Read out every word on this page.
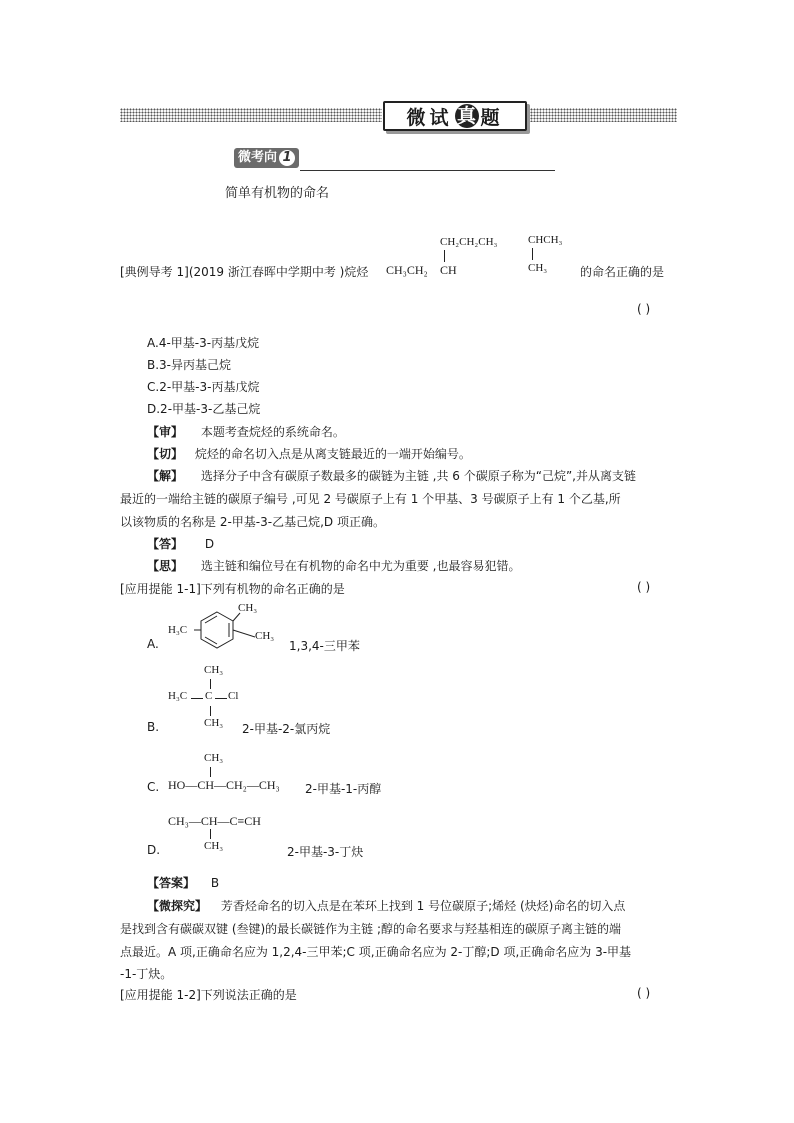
微试 真 题
微考向 1
简单有机物的命名
CH₂CH₂CH₃	CHCH₃
[典例导考 1](2019 浙江春晖中学期中考 )烷烃 CH₃CH₂ CH	CH₃	的命名正确的是
( )
A.4-甲基-3-丙基戊烷
B.3-异丙基己烷
C.2-甲基-3-丙基戊烷
D.2-甲基-3-乙基己烷
【审】 本题考查烷烃的系统命名。
【切】 烷烃的命名切入点是从离支链最近的一端开始编号。
【解】 选择分子中含有碳原子数最多的碳链为主链 ,共 6 个碳原子称为“己烷”,并从离支链
最近的一端给主链的碳原子编号 ,可见 2 号碳原子上有 1 个甲基、3 号碳原子上有 1 个乙基,所
以该物质的名称是 2-甲基-3-乙基己烷,D 项正确。
【答】 D
【思】 选主链和编位号在有机物的命名中尤为重要 ,也最容易犯错。
[应用提能 1-1]下列有机物的命名正确的是	( )
A.
CH₃
H₃C	CH₃
1,3,4-三甲苯
CH₃
H₃C C Cl
CH₃
B.	2-甲基-2-氯丙烷
CH₃
C. HO—CH—CH₂—CH₃ 2-甲基-1-丙醇
CH₃—CH—C≡CH
D.	CH₃	2-甲基-3-丁炔
【答案】 B
【微探究】 芳香烃命名的切入点是在苯环上找到 1 号位碳原子;烯烃 (炔烃)命名的切入点
是找到含有碳碳双键 (叁键)的最长碳链作为主链 ;醇的命名要求与羟基相连的碳原子离主链的端
点最近。A 项,正确命名应为 1,2,4-三甲苯;C 项,正确命名应为 2-丁醇;D 项,正确命名应为 3-甲基
-1-丁炔。
[应用提能 1-2]下列说法正确的是	( )
